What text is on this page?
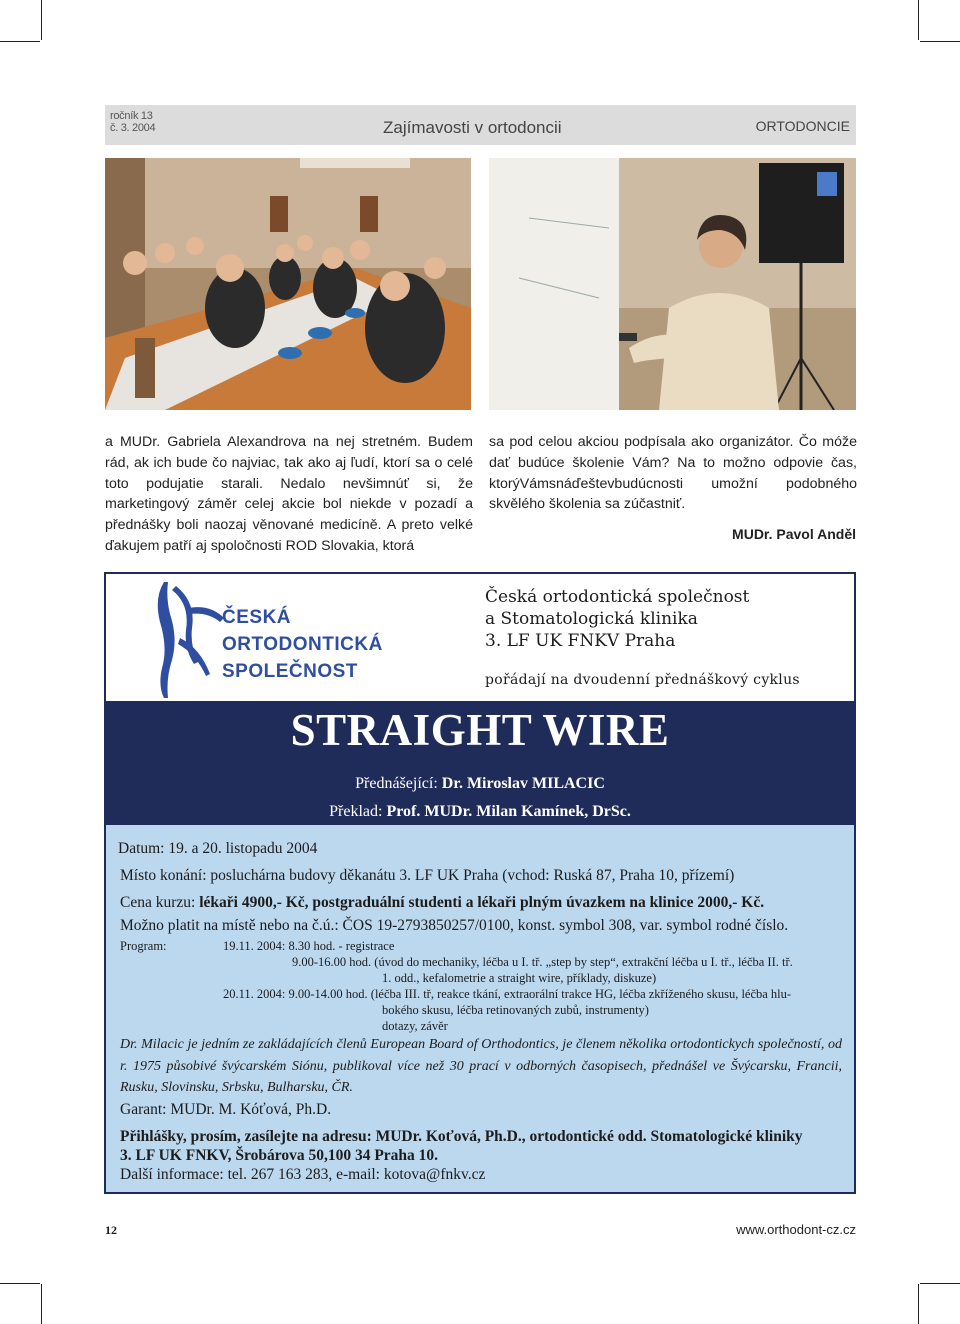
ročník 13
č. 3. 2004	Zajímavosti v ortodoncii	ORTODONCIE

a MUDr. Gabriela Alexandrova na nej stretném. Budem rád, ak ich bude čo najviac, tak ako aj ľudí, ktorí sa o celé toto podujatie starali. Nedalo nevšimnúť si, že marketingový záměr celej akcie bol niekde v pozadí a přednášky boli naozaj věnované medicíně. A preto velké ďakujem patří aj spoločnosti ROD Slovakia, ktorá

sa pod celou akciou podpísala ako organizátor. Čo móže dať budúce školenie Vám? Na to možno odpovie čas, ktorýVámsnáďeštevbudúcnosti umožní podobného skvělého školenia sa zúčastniť.

MUDr. Pavol Anděl
ČESKÁ
ORTODONTICKÁ
SPOLEČNOST
Česká ortodontická společnost
a Stomatologická klinika
3. LF UK FNKV Praha
pořádají na dvoudenní přednáškový cyklus
STRAIGHT WIRE
Přednášející: Dr. Miroslav MILACIC
Překlad: Prof. MUDr. Milan Kamínek, DrSc.
Datum: 19. a 20. listopadu 2004
Místo konání: posluchárna budovy děkanátu 3. LF UK Praha (vchod: Ruská 87, Praha 10, přízemí)
Cena kurzu: lékaři 4900,- Kč, postgraduální studenti a lékaři plným úvazkem na klinice 2000,- Kč.
Možno platit na místě nebo na č.ú.: ČOS 19-2793850257/0100, konst. symbol 308, var. symbol rodné číslo.
Program:	19.11. 2004: 8.30 hod. - registrace
9.00-16.00 hod. (úvod do mechaniky, léčba u I. tř. „step by step“, extrakční léčba u I. tř., léčba II. tř.
1. odd., kefalometrie a straight wire, příklady, diskuze)
20.11. 2004: 9.00-14.00 hod. (léčba III. tř, reakce tkání, extraorální trakce HG, léčba zkříženého skusu, léčba hlu-
bokého skusu, léčba retinovaných zubů, instrumenty)
dotazy, závěr
Dr. Milacic je jedním ze zakládajících členů European Board of Orthodontics, je členem několika ortodontickych společností, od r. 1975 působivé švýcarském Siónu, publikoval více než 30 prací v odborných časopisech, přednášel ve Švýcarsku, Francii, Rusku, Slovinsku, Srbsku, Bulharsku, ČR.
Garant: MUDr. M. Kóťová, Ph.D.
Přihlášky, prosím, zasílejte na adresu: MUDr. Koťová, Ph.D., ortodontické odd. Stomatologické kliniky
3. LF UK FNKV, Šrobárova 50,100 34 Praha 10.
Další informace: tel. 267 163 283, e-mail: kotova@fnkv.cz
12	www.orthodont-cz.cz
